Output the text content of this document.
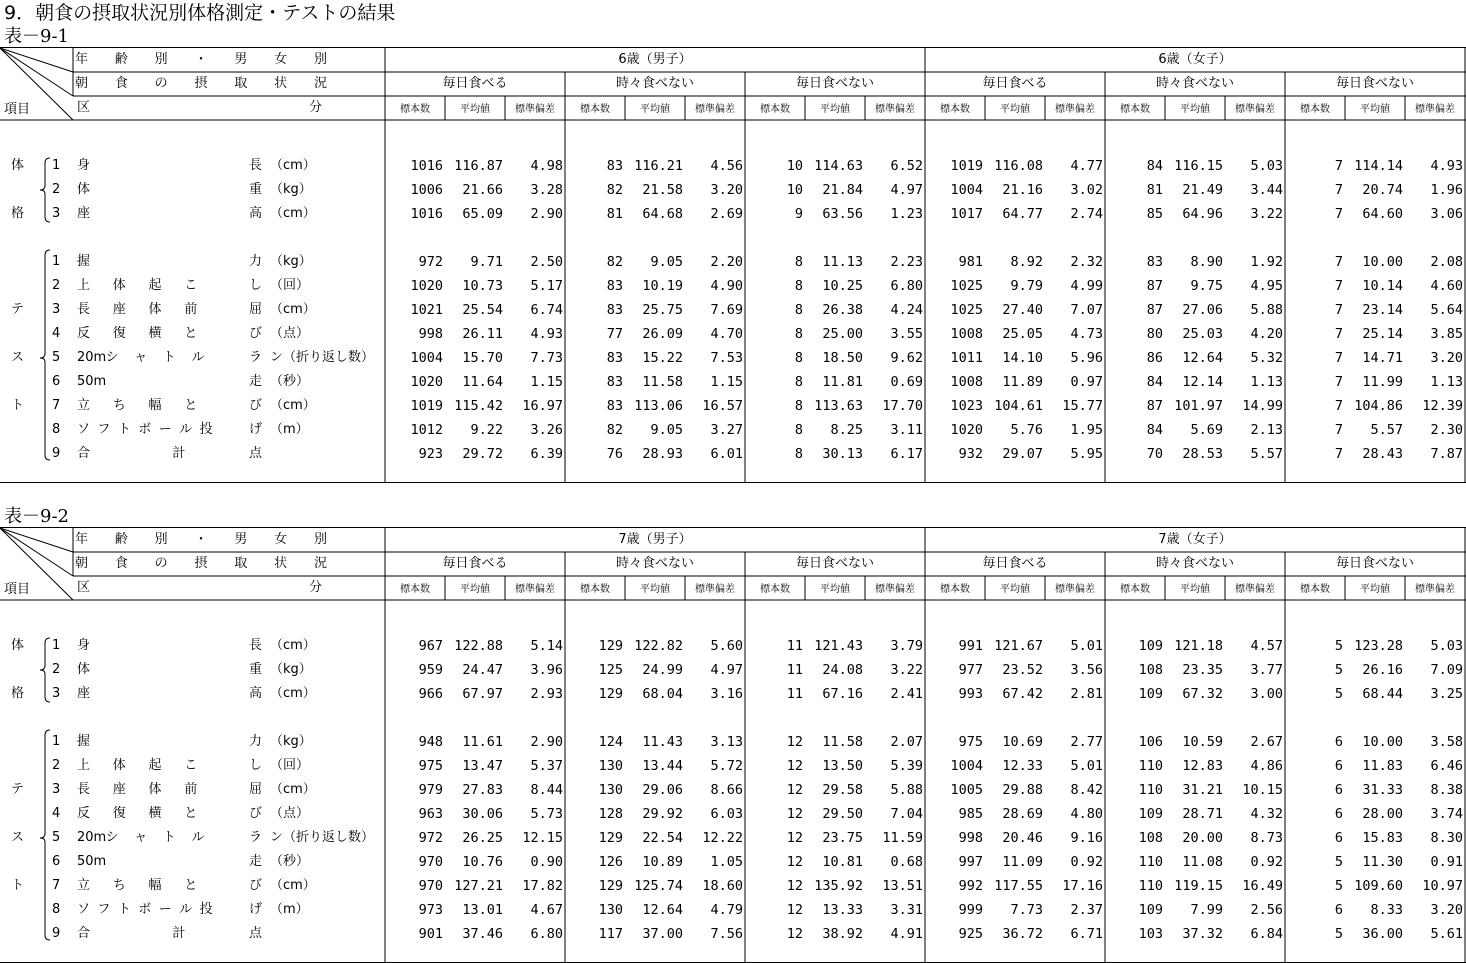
9．朝食の摂取状況別体格測定・テストの結果
表－9-1
年 齢 別 ・ 男 女 別
朝 食 の 摂 取 状 況
区	分
項目
6歳（男子）	6歳（女子）
毎日食べる
標本数	平均値	標準偏差
時々食べない
標本数	平均値	標準偏差
毎日食べない
標本数	平均値	標準偏差
毎日食べる
標本数	平均値	標準偏差
時々食べない
標本数	平均値	標準偏差
毎日食べない
標本数	平均値	標準偏差
体
格
テ
ス
ト
1 身	長 （cm）	1016 116.87	4.98	83 116.21	4.56	10 114.63	6.52	1019 116.08	4.77	84 116.15	5.03	7 114.14	4.93
2 体	重 （kg）	1006	21.66	3.28	82	21.58	3.20	10	21.84	4.97	1004	21.16	3.02	81	21.49	3.44	7	20.74	1.96
3 座	高 （cm）	1016	65.09	2.90	81	64.68	2.69	9	63.56	1.23	1017	64.77	2.74	85	64.96	3.22	7	64.60	3.06
1 握	力 （kg）	972	9.71	2.50	82	9.05	2.20	8	11.13	2.23	981	8.92	2.32	83	8.90	1.92	7	10.00	2.08
2 上 体 起 こ	し （回）	1020	10.73	5.17	83	10.19	4.90	8	10.25	6.80	1025	9.79	4.99	87	9.75	4.95	7	10.14	4.60
3 長 座 体 前	屈 （cm）	1021	25.54	6.74	83	25.75	7.69	8	26.38	4.24	1025	27.40	7.07	87	27.06	5.88	7	23.14	5.64
4 反 復 横 と	び （点）	998	26.11	4.93	77	26.09	4.70	8	25.00	3.55	1008	25.05	4.73	80	25.03	4.20	7	25.14	3.85
5 20m シ ャ ト ル	ラ ン（折り返し数）	1004	15.70	7.73	83	15.22	7.53	8	18.50	9.62	1011	14.10	5.96	86	12.64	5.32	7	14.71	3.20
6 50m	走 （秒）	1020	11.64	1.15	83	11.58	1.15	8	11.81	0.69	1008	11.89	0.97	84	12.14	1.13	7	11.99	1.13
7 立 ち 幅 と	び （cm）	1019 115.42	16.97	83 113.06	16.57	8 113.63	17.70	1023 104.61	15.77	87 101.97	14.99	7 104.86	12.39
8 ソ フ ト ボ ー ル 投	げ （m）	1012	9.22	3.26	82	9.05	3.27	8	8.25	3.11	1020	5.76	1.95	84	5.69	2.13	7	5.57	2.30
9 合	計	点	923	29.72	6.39	76	28.93	6.01	8	30.13	6.17	932	29.07	5.95	70	28.53	5.57	7	28.43	7.87
表－9-2
年 齢 別 ・ 男 女 別
朝 食 の 摂 取 状 況
区	分
項目
7歳（男子）	7歳（女子）
毎日食べる
標本数	平均値	標準偏差
時々食べない
標本数	平均値	標準偏差
毎日食べない
標本数	平均値	標準偏差
毎日食べる
標本数	平均値	標準偏差
時々食べない
標本数	平均値	標準偏差
毎日食べない
標本数	平均値	標準偏差
体
格
テ
ス
ト
1 身	長 （cm）	967 122.88	5.14	129 122.82	5.60	11 121.43	3.79	991 121.67	5.01	109 121.18	4.57	5 123.28	5.03
2 体	重 （kg）	959	24.47	3.96	125	24.99	4.97	11	24.08	3.22	977	23.52	3.56	108	23.35	3.77	5	26.16	7.09
3 座	高 （cm）	966	67.97	2.93	129	68.04	3.16	11	67.16	2.41	993	67.42	2.81	109	67.32	3.00	5	68.44	3.25
1 握	力 （kg）	948	11.61	2.90	124	11.43	3.13	12	11.58	2.07	975	10.69	2.77	106	10.59	2.67	6	10.00	3.58
2 上 体 起 こ	し （回）	975	13.47	5.37	130	13.44	5.72	12	13.50	5.39	1004	12.33	5.01	110	12.83	4.86	6	11.83	6.46
3 長 座 体 前	屈 （cm）	979	27.83	8.44	130	29.06	8.66	12	29.58	5.88	1005	29.88	8.42	110	31.21	10.15	6	31.33	8.38
4 反 復 横 と	び （点）	963	30.06	5.73	128	29.92	6.03	12	29.50	7.04	985	28.69	4.80	109	28.71	4.32	6	28.00	3.74
5 20m シ ャ ト ル	ラ ン（折り返し数）	972	26.25	12.15	129	22.54	12.22	12	23.75	11.59	998	20.46	9.16	108	20.00	8.73	6	15.83	8.30
6 50m	走 （秒）	970	10.76	0.90	126	10.89	1.05	12	10.81	0.68	997	11.09	0.92	110	11.08	0.92	5	11.30	0.91
7 立 ち 幅 と	び （cm）	970 127.21	17.82	129 125.74	18.60	12 135.92	13.51	992 117.55	17.16	110 119.15	16.49	5 109.60	10.97
8 ソ フ ト ボ ー ル 投	げ （m）	973	13.01	4.67	130	12.64	4.79	12	13.33	3.31	999	7.73	2.37	109	7.99	2.56	6	8.33	3.20
9 合	計	点	901	37.46	6.80	117	37.00	7.56	12	38.92	4.91	925	36.72	6.71	103	37.32	6.84	5	36.00	5.61
